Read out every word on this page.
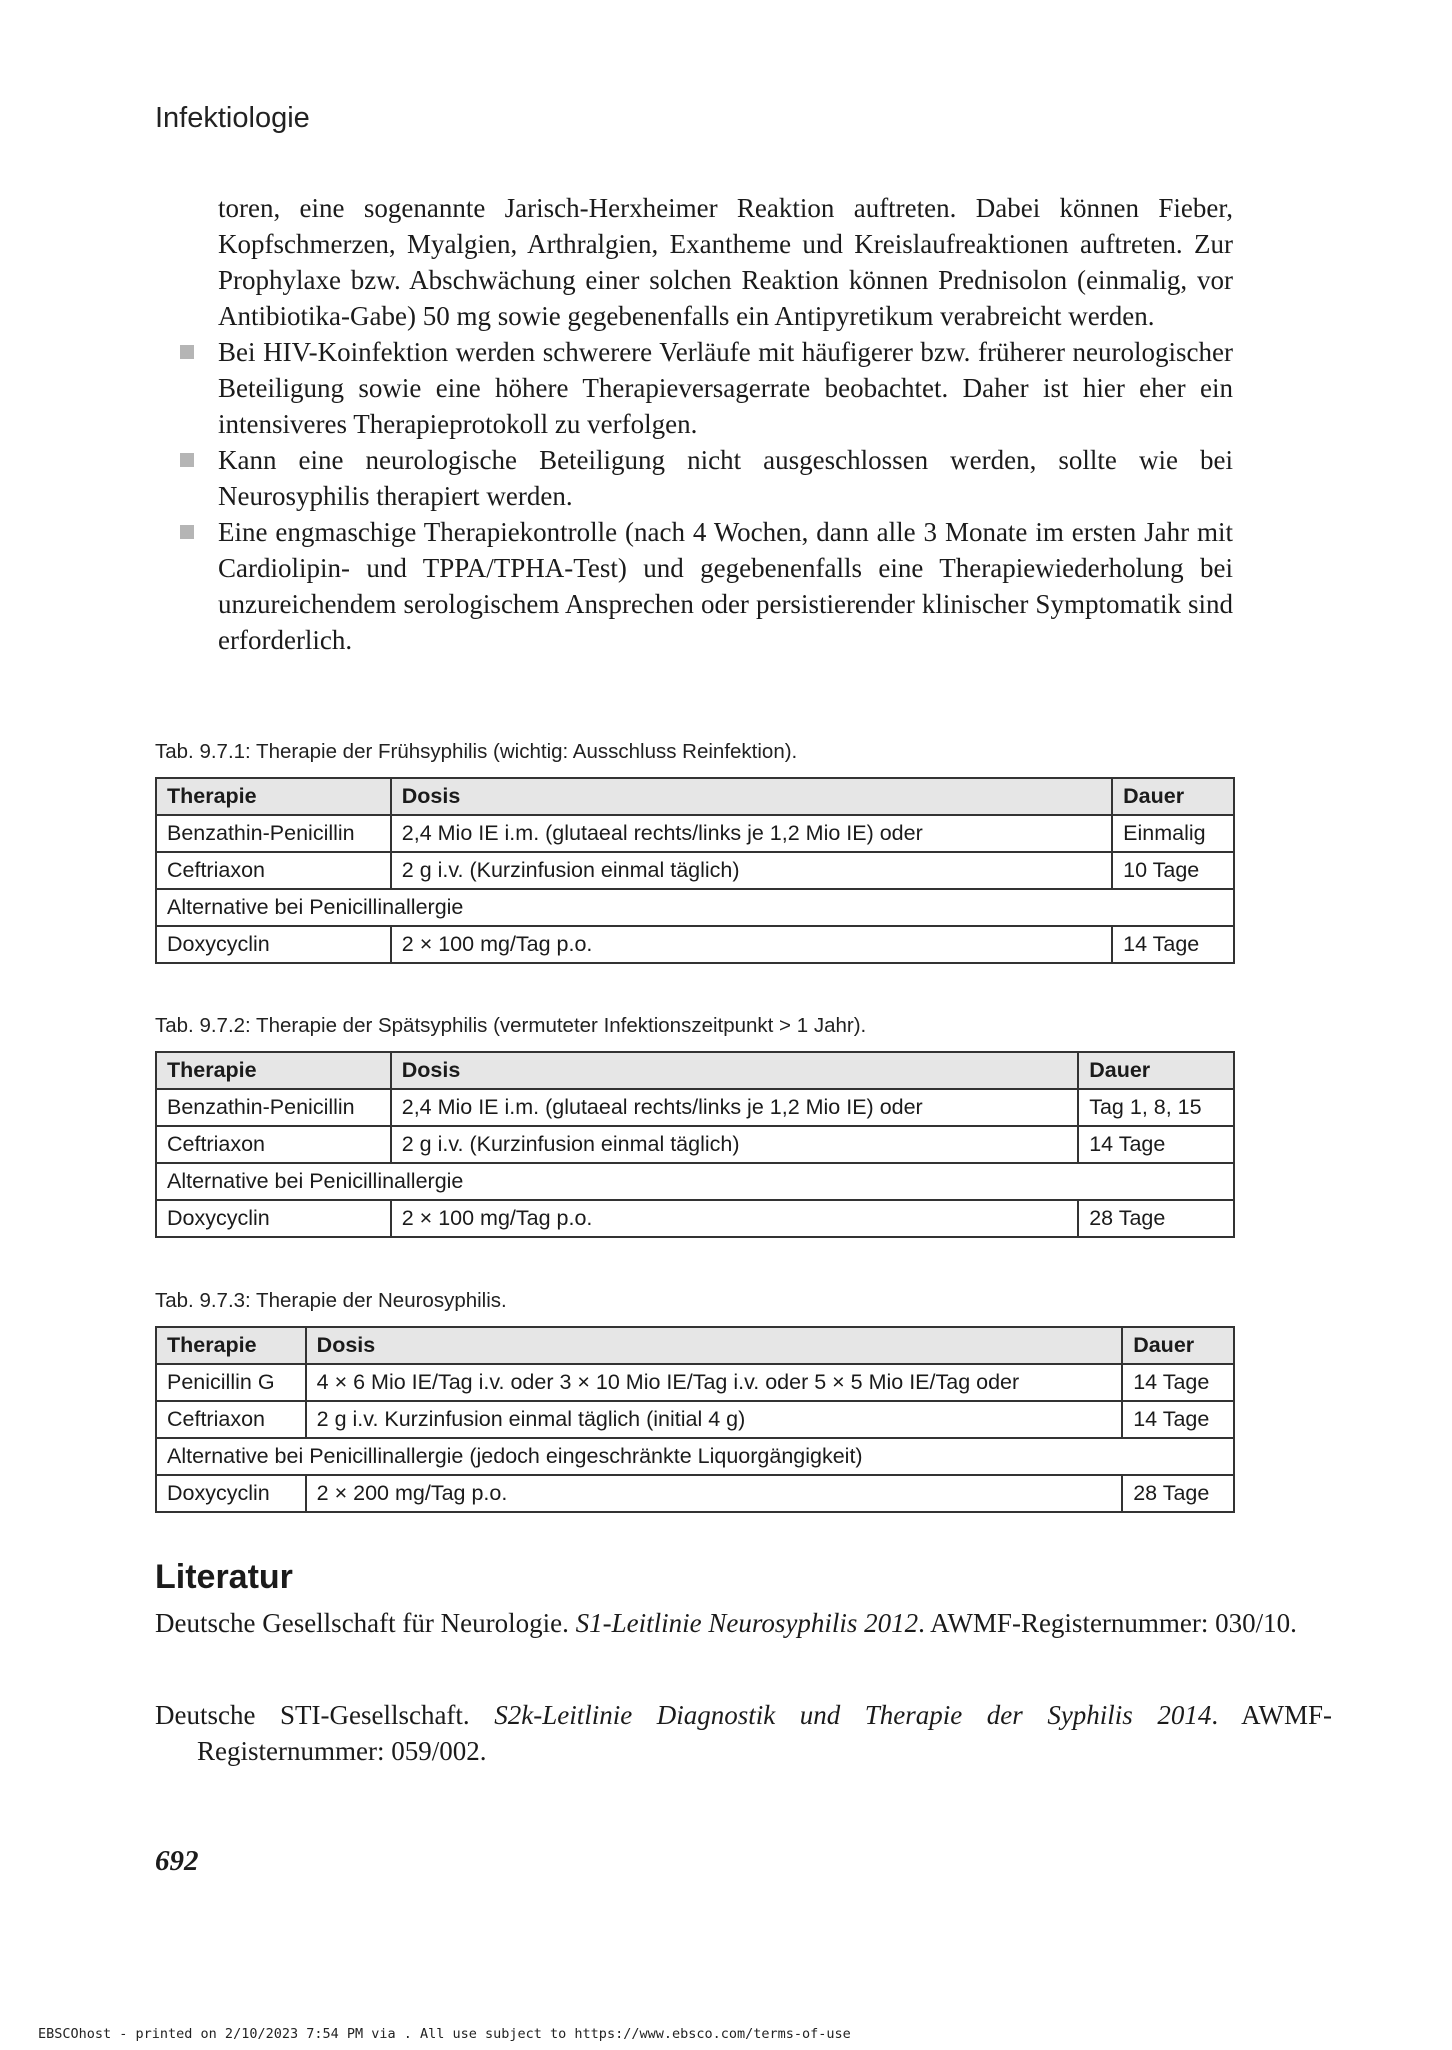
Infektiologie

toren, eine sogenannte Jarisch-Herxheimer Reaktion auftreten. Dabei können Fieber, Kopfschmerzen, Myalgien, Arthralgien, Exantheme und Kreislaufreaktionen auftreten. Zur Prophylaxe bzw. Abschwächung einer solchen Reaktion können Prednisolon (einmalig, vor Antibiotika-Gabe) 50 mg sowie gegebenenfalls ein Antipyretikum verabreicht werden.

Bei HIV-Koinfektion werden schwerere Verläufe mit häufigerer bzw. früherer neurologischer Beteiligung sowie eine höhere Therapieversagerrate beobachtet. Daher ist hier eher ein intensiveres Therapieprotokoll zu verfolgen.
Kann eine neurologische Beteiligung nicht ausgeschlossen werden, sollte wie bei Neurosyphilis therapiert werden.
Eine engmaschige Therapiekontrolle (nach 4 Wochen, dann alle 3 Monate im ersten Jahr mit Cardiolipin- und TPPA/TPHA-Test) und gegebenenfalls eine Therapiewiederholung bei unzureichendem serologischem Ansprechen oder persistierender klinischer Symptomatik sind erforderlich.
Tab. 9.7.1: Therapie der Frühsyphilis (wichtig: Ausschluss Reinfektion).
Therapie	Dosis	Dauer
Benzathin-Penicillin	2,4 Mio IE i.m. (glutaeal rechts/links je 1,2 Mio IE) oder	Einmalig
Ceftriaxon	2 g i.v. (Kurzinfusion einmal täglich)	10 Tage
Alternative bei Penicillinallergie		
Doxycyclin	2 × 100 mg/Tag p.o.	14 Tage
Tab. 9.7.2: Therapie der Spätsyphilis (vermuteter Infektionszeitpunkt > 1 Jahr).
Therapie	Dosis	Dauer
Benzathin-Penicillin	2,4 Mio IE i.m. (glutaeal rechts/links je 1,2 Mio IE) oder	Tag 1, 8, 15
Ceftriaxon	2 g i.v. (Kurzinfusion einmal täglich)	14 Tage
Alternative bei Penicillinallergie		
Doxycyclin	2 × 100 mg/Tag p.o.	28 Tage
Tab. 9.7.3: Therapie der Neurosyphilis.
Therapie	Dosis	Dauer
Penicillin G	4 × 6 Mio IE/Tag i.v. oder 3 × 10 Mio IE/Tag i.v. oder 5 × 5 Mio IE/Tag oder	14 Tage
Ceftriaxon	2 g i.v. Kurzinfusion einmal täglich (initial 4 g)	14 Tage
Alternative bei Penicillinallergie (jedoch eingeschränkte Liquorgängigkeit)		
Doxycyclin	2 × 200 mg/Tag p.o.	28 Tage
Literatur
Deutsche Gesellschaft für Neurologie. S1-Leitlinie Neurosyphilis 2012. AWMF-Registernummer: 030/10.
Deutsche STI-Gesellschaft. S2k-Leitlinie Diagnostik und Therapie der Syphilis 2014. AWMF-Registernummer: 059/002.
692
EBSCOhost - printed on 2/10/2023 7:54 PM via . All use subject to https://www.ebsco.com/terms-of-use
